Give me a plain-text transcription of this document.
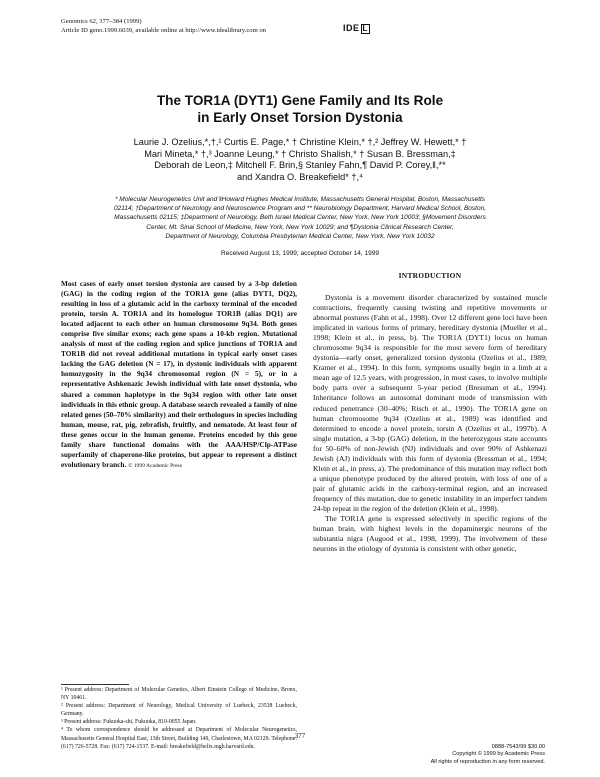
Genomics 62, 377–384 (1999)
Article ID geno.1999.6039, available online at http://www.idealibrary.com on	IDE L
The TOR1A (DYT1) Gene Family and Its Role
in Early Onset Torsion Dystonia
Laurie J. Ozelius,*,†,¹ Curtis E. Page,* † Christine Klein,* †,² Jeffrey W. Hewett,* †
Mari Mineta,* †,³ Joanne Leung,* † Christo Shalish,* † Susan B. Bressman,‡
Deborah de Leon,‡ Mitchell F. Brin,§ Stanley Fahn,¶ David P. Corey,‖,**
and Xandra O. Breakefield* †,⁴
* Molecular Neurogenetics Unit and ‖Howard Hughes Medical Institute, Massachusetts General Hospital, Boston, Massachusetts
02114; †Department of Neurology and Neuroscience Program and ** Neurobiology Department, Harvard Medical School, Boston,
Massachusetts 02115; ‡Department of Neurology, Beth Israel Medical Center, New York, New York 10003; §Movement Disorders
Center, Mt. Sinai School of Medicine, New York, New York 10029; and ¶Dystonia Clinical Research Center,
Department of Neurology, Columbia Presbyterian Medical Center, New York, New York 10032
Received August 13, 1999; accepted October 14, 1999
Most cases of early onset torsion dystonia are caused by a 3-bp deletion (GAG) in the coding region of the TOR1A gene (alias DYT1, DQ2), resulting in loss of a glutamic acid in the carboxy terminal of the encoded protein, torsin A. TOR1A and its homologue TOR1B (alias DQ1) are located adjacent to each other on human chromosome 9q34. Both genes comprise five similar exons; each gene spans a 10-kb region. Mutational analysis of most of the coding region and splice junctions of TOR1A and TOR1B did not reveal additional mutations in typical early onset cases lacking the GAG deletion (N = 17), in dystonic individuals with apparent homozygosity in the 9q34 chromosomal region (N = 5), or in a representative Ashkenazic Jewish individual with late onset dystonia, who shared a common haplotype in the 9q34 region with other late onset individuals in this ethnic group. A database search revealed a family of nine related genes (50–70% similarity) and their orthologues in species including human, mouse, rat, pig, zebrafish, fruitfly, and nematode. At least four of these genes occur in the human genome. Proteins encoded by this gene family share functional domains with the AAA/HSP/Clp-ATPase superfamily of chaperone-like proteins, but appear to represent a distinct evolutionary branch. © 1999 Academic Press

¹ Present address: Department of Molecular Genetics, Albert Einstein College of Medicine, Bronx, NY 10461.

² Present address: Department of Neurology, Medical University of Luebeck, 23538 Luebeck, Germany.

³ Present address: Fukuoka-shi, Fukuoka, 810-0055 Japan.

⁴ To whom correspondence should be addressed at Department of Molecular Neurogenetics, Massachusetts General Hospital East, 13th Street, Building 149, Charlestown, MA 02129. Telephone: (617) 726-5728. Fax: (617) 724-1537. E-mail: breakefield@helix.mgh.harvard.edu.

INTRODUCTION

Dystonia is a movement disorder characterized by sustained muscle contractions, frequently causing twisting and repetitive movements or abnormal postures (Fahn et al., 1998). Over 12 different gene loci have been implicated in various forms of primary, hereditary dystonia (Mueller et al., 1998; Klein et al., in press, b). The TOR1A (DYT1) locus on human chromosome 9q34 is responsible for the most severe form of hereditary dystonia—early onset, generalized torsion dystonia (Ozelius et al., 1989; Kramer et al., 1994). In this form, symptoms usually begin in a limb at a mean age of 12.5 years, with progression, in most cases, to involve multiple body parts over a subsequent 5-year period (Bressman et al., 1994). Inheritance follows an autosomal dominant mode of transmission with reduced penetrance (30–40%; Risch et al., 1990). The TOR1A gene on human chromosome 9q34 (Ozelius et al., 1989) was identified and determined to encode a novel protein, torsin A (Ozelius et al., 1997b). A single mutation, a 3-bp (GAG) deletion, in the heterozygous state accounts for 50–60% of non-Jewish (NJ) individuals and over 90% of Ashkenazi Jewish (AJ) individuals with this form of dystonia (Bressman et al., 1994; Klein et al., in press, a). The predominance of this mutation may reflect both a unique phenotype produced by the altered protein, with loss of one of a pair of glutamic acids in the carboxy-terminal region, and an increased frequency of this mutation, due to genetic instability in an imperfect tandem 24-bp repeat in the region of the deletion (Klein et al., 1998).

The TOR1A gene is expressed selectively in specific regions of the human brain, with highest levels in the dopaminergic neurons of the substantia nigra (Augood et al., 1998, 1999). The involvement of these neurons in the etiology of dystonia is consistent with other genetic,

377
0888-7543/99 $30.00
Copyright © 1999 by Academic Press
All rights of reproduction in any form reserved.
